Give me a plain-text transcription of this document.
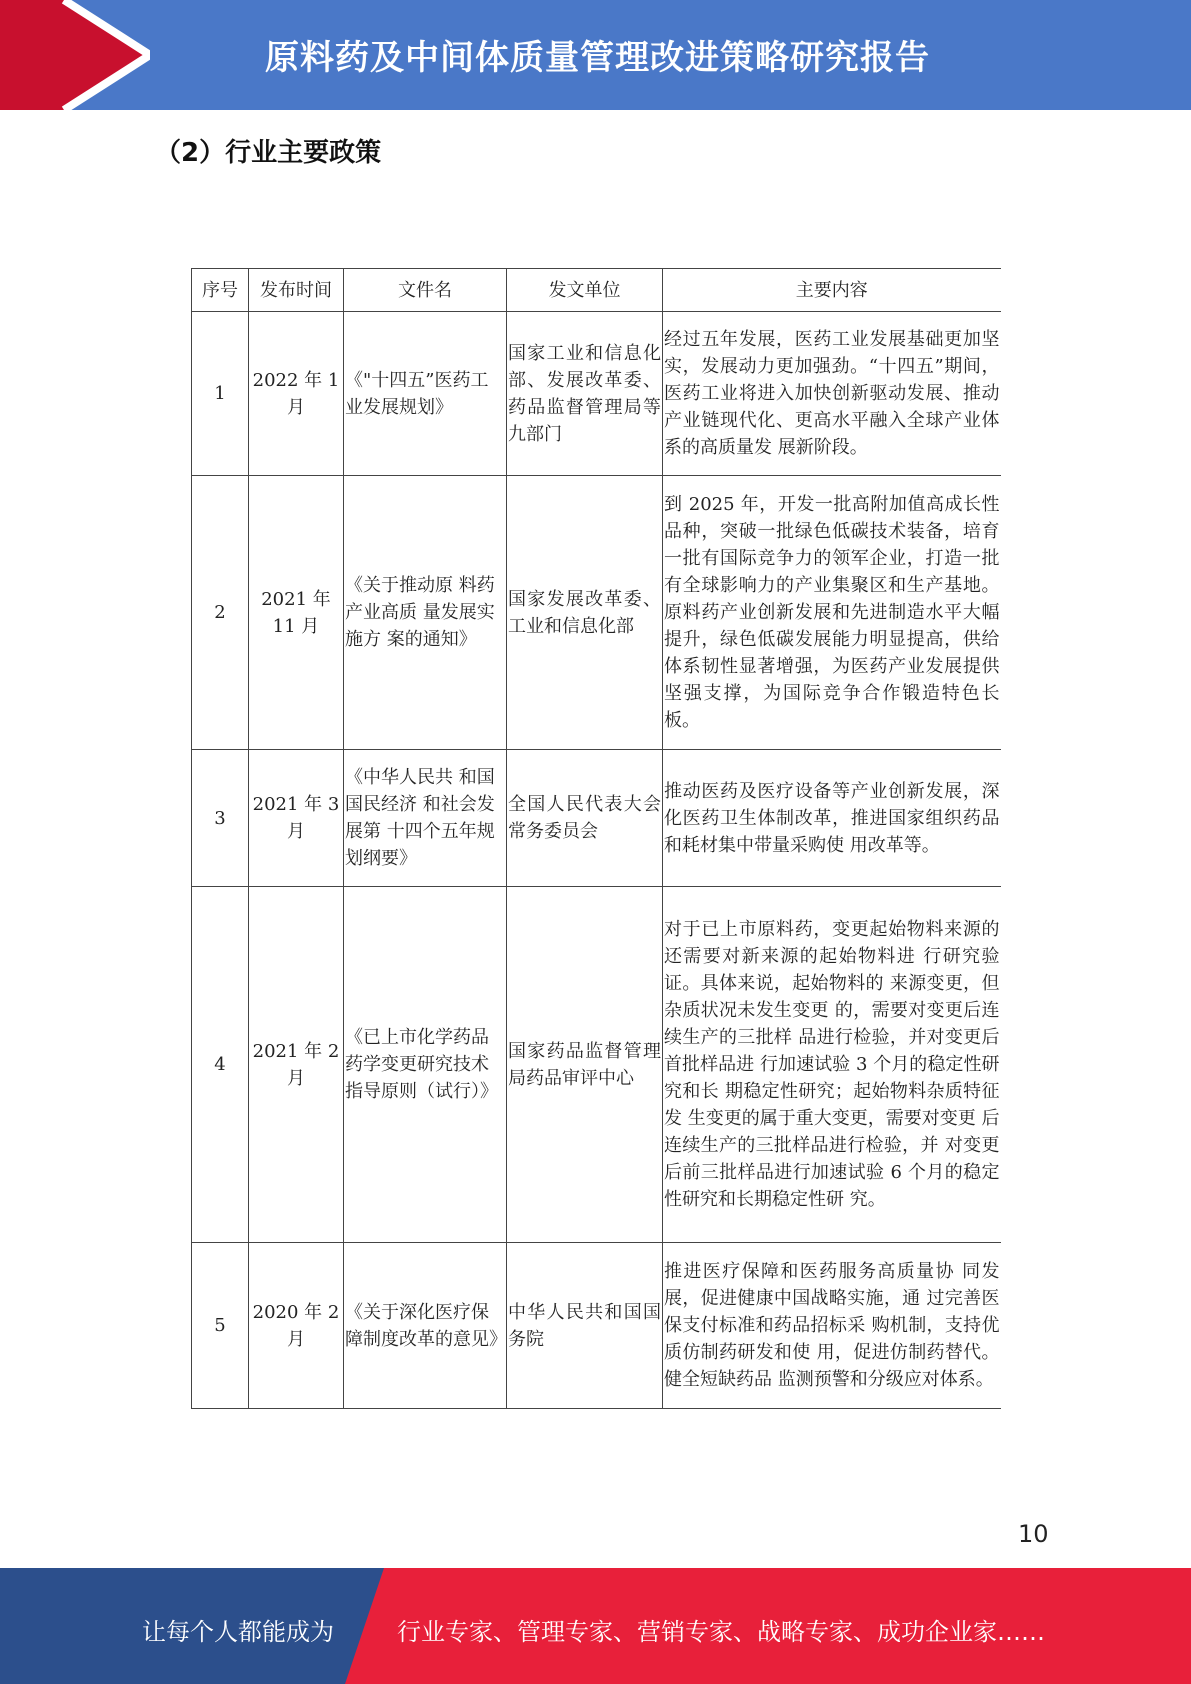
原料药及中间体质量管理改进策略研究报告
（2）行业主要政策
序号	发布时间	文件名	发文单位	主要内容
1	2022 年 1 月	《"十四五”医药工业发展规划》	国家工业和信息化部、发展改革委、药品监督管理局等九部门	经过五年发展，医药工业发展基础更加坚实，发展动力更加强劲。“十四五”期间，医药工业将进入加快创新驱动发展、推动产业链现代化、更高水平融入全球产业体系的高质量发 展新阶段。
2	2021 年 11 月	《关于推动原 料药产业高质 量发展实施方 案的通知》	国家发展改革委、工业和信息化部	到 2025 年，开发一批高附加值高成长性品种，突破一批绿色低碳技术装备，培育一批有国际竞争力的领军企业，打造一批有全球影响力的产业集聚区和生产基地。原料药产业创新发展和先进制造水平大幅提升，绿色低碳发展能力明显提高，供给体系韧性显著增强，为医药产业发展提供坚强支撑，为国际竞争合作锻造特色长 板。
3	2021 年 3 月	《中华人民共 和国国民经济 和社会发展第 十四个五年规 划纲要》	全国人民代表大会常务委员会	推动医药及医疗设备等产业创新发展，深化医药卫生体制改革，推进国家组织药品和耗材集中带量采购使 用改革等。
4	2021 年 2 月	《已上市化学药品药学变更研究技术指导原则（试行）》	国家药品监督管理局药品审评中心	对于已上市原料药，变更起始物料来源的还需要对新来源的起始物料进 行研究验证。具体来说，起始物料的 来源变更，但杂质状况未发生变更 的，需要对变更后连续生产的三批样 品进行检验，并对变更后首批样品进 行加速试验 3 个月的稳定性研究和长 期稳定性研究；起始物料杂质特征发 生变更的属于重大变更，需要对变更 后连续生产的三批样品进行检验，并 对变更后前三批样品进行加速试验 6 个月的稳定性研究和长期稳定性研 究。
5	2020 年 2 月	《关于深化医疗保障制度改革的意见》	中华人民共和国国务院	推进医疗保障和医药服务高质量协 同发展，促进健康中国战略实施，通 过完善医保支付标准和药品招标采 购机制，支持优质仿制药研发和使 用，促进仿制药替代。健全短缺药品 监测预警和分级应对体系。
10
让每个人都能成为	行业专家、管理专家、营销专家、战略专家、成功企业家……
